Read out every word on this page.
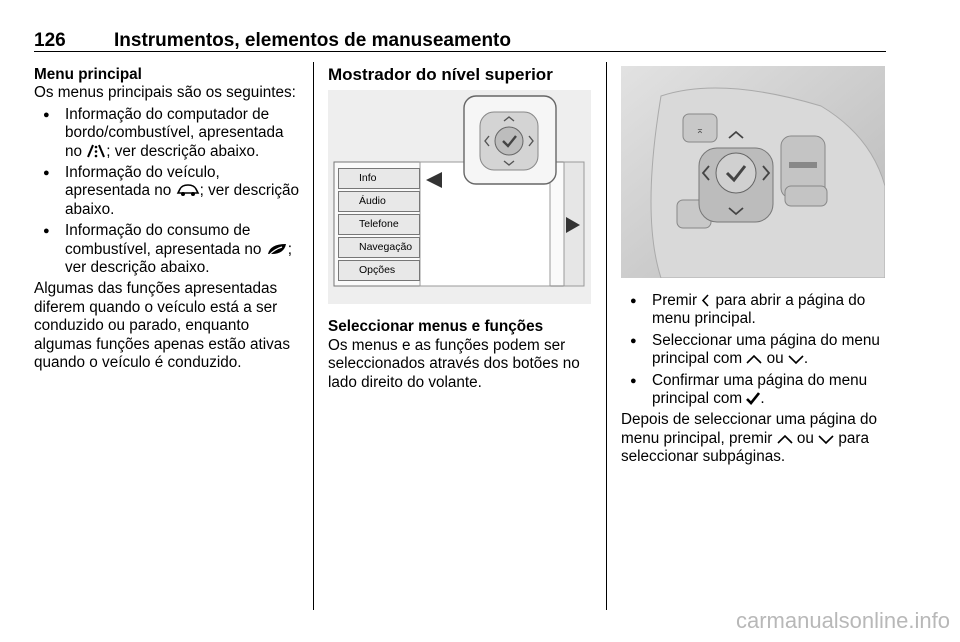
126	Instrumentos, elementos de manuseamento

Menu principal

Os menus principais são os seguintes:

● Informação do computador de bordo/combustível, apresentada no ; ver descrição abaixo.
● Informação do veículo, apresentada no ; ver descrição abaixo.
● Informação do consumo de combustível, apresentada no ; ver descrição abaixo.

Algumas das funções apresentadas diferem quando o veículo está a ser conduzido ou parado, enquanto algumas funções apenas estão ativas quando o veículo é conduzido.

Mostrador do nível superior

Info
Áudio
Telefone
Navegação
Opções

Seleccionar menus e funções

Os menus e as funções podem ser seleccionados através dos botões no lado direito do volante.

⌅
● Premir  para abrir a página do menu principal.
● Seleccionar uma página do menu principal com  ou .
● Confirmar uma página do menu principal com .

Depois de seleccionar uma página do menu principal, premir  ou  para seleccionar subpáginas.

carmanualsonline.info
